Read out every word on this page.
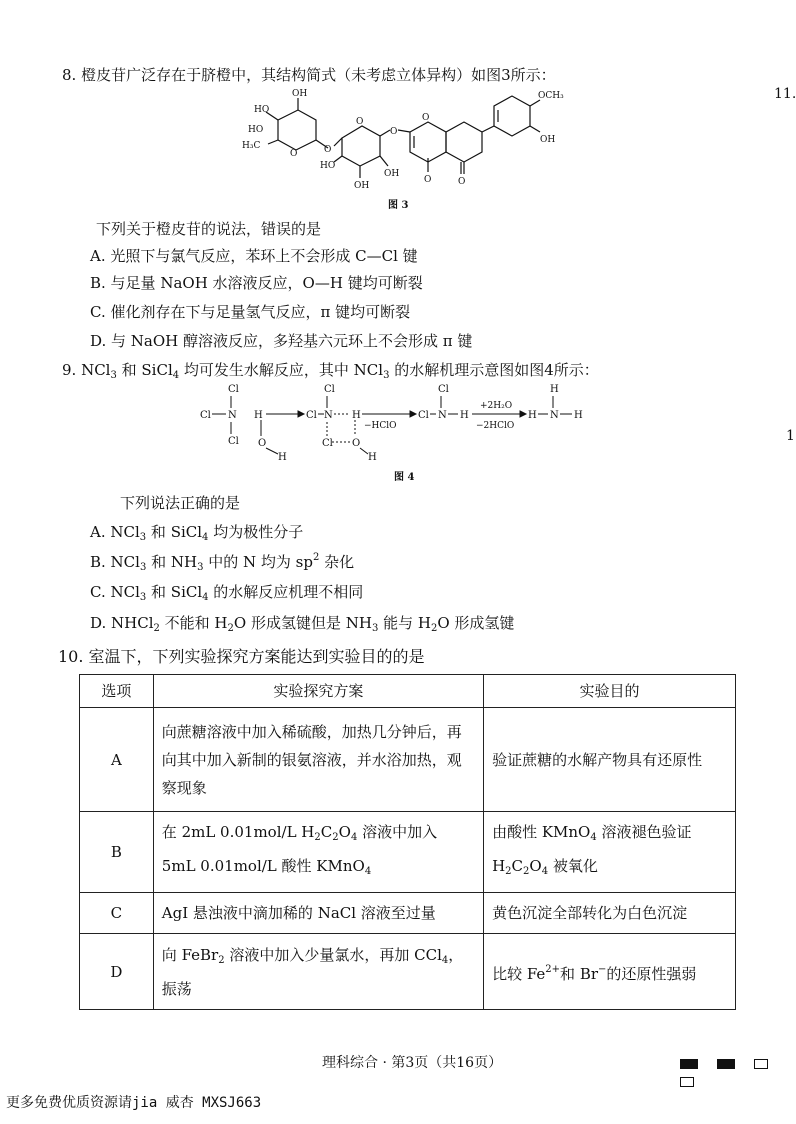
11.
1
8. 橙皮苷广泛存在于脐橙中，其结构简式（未考虑立体异构）如图3所示：
HO
OH
HO
H₃C
O	O
O
O
O
HO
OH
OH
O
O
OCH₃
OH
图 3
下列关于橙皮苷的说法，错误的是
A. 光照下与氯气反应，苯环上不会形成 C—Cl 键
B. 与足量 NaOH 水溶液反应，O—H 键均可断裂
C. 催化剂存在下与足量氢气反应，π 键均可断裂
D. 与 NaOH 醇溶液反应，多羟基六元环上不会形成 π 键
9. NCl$_3$ 和 SiCl$_4$ 均可发生水解反应，其中 NCl$_3$ 的水解机理示意图如图4所示：
Cl
Cl N
Cl
H
O
H
Cl
Cl
N H
Cl O
H
−HClO
Cl
Cl
N H
+2H₂O
−2HClO
H
H
N H
图 4
下列说法正确的是
A. NCl$_3$ 和 SiCl$_4$ 均为极性分子
B. NCl$_3$ 和 $NH_3$ 中的 N 均为 $sp^2$ 杂化
C. NCl$_3$ 和 SiCl$_4$ 的水解反应机理不相同
D. NHCl$_2$ 不能和 $H_2O$ 形成氢键但是 $NH_3$ 能与 $H_2O$ 形成氢键
10. 室温下，下列实验探究方案能达到实验目的的是
选项	实验探究方案	实验目的
A	向蔗糖溶液中加入稀硫酸，加热几分钟后，再向其中加入新制的银氨溶液，并水浴加热，观察现象	验证蔗糖的水解产物具有还原性
B	在 2mL 0.01mol/L $H_2C_2O_4$ 溶液中加入 5mL 0.01mol/L 酸性 KMnO$_4$	由酸性 KMnO$_4$ 溶液褪色验证 $H_2C_2O_4$ 被氧化
C	AgI 悬浊液中滴加稀的 NaCl 溶液至过量	黄色沉淀全部转化为白色沉淀
D	向 FeBr$_2$ 溶液中加入少量氯水，再加 CCl$_4$，振荡	比较 $Fe^{2+}$和 Br−的还原性强弱
理科综合 · 第3页（共16页）

更多免费优质资源请jia 威杏 MXSJ663
